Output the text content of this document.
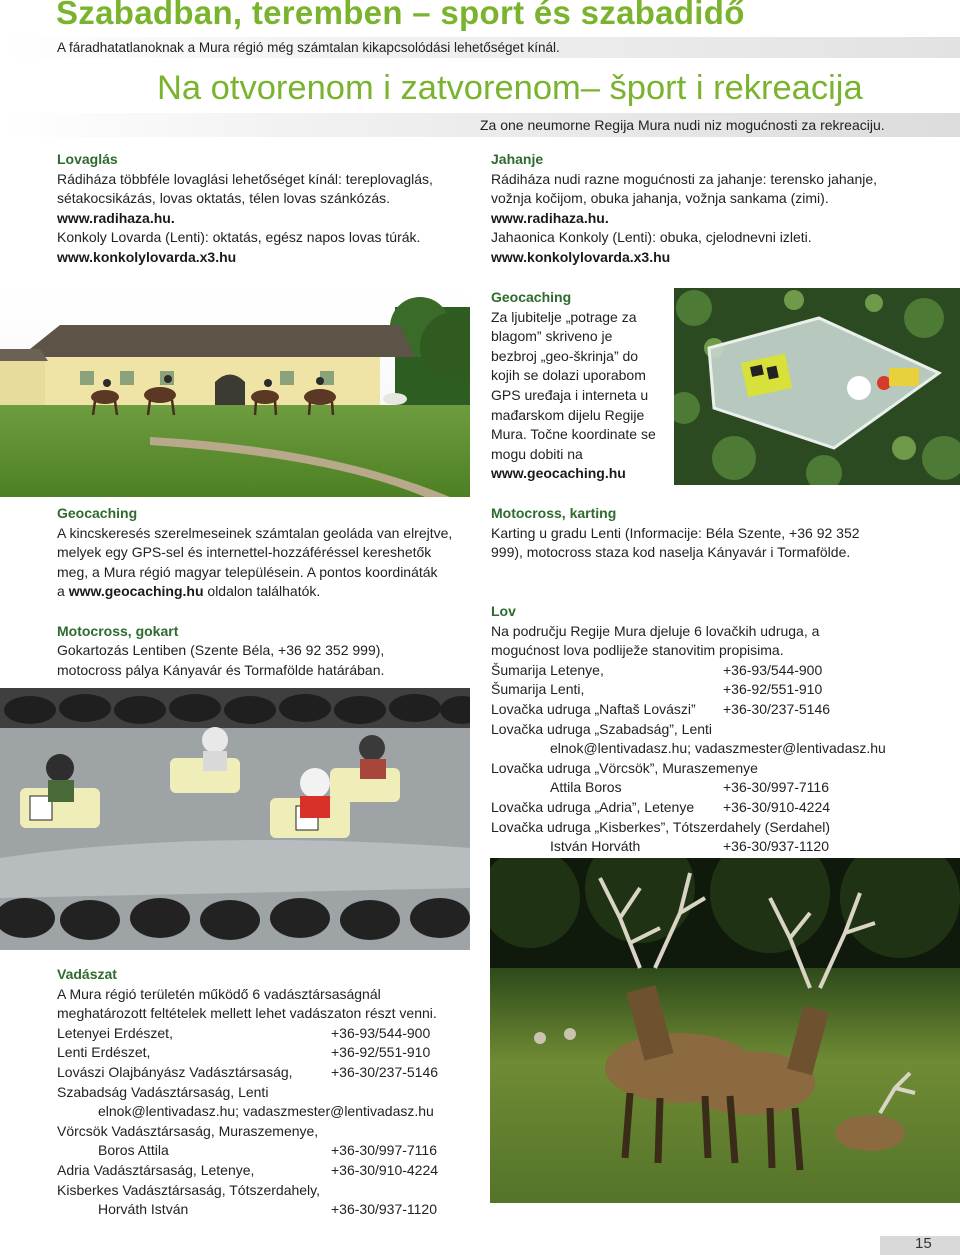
Szabadban, teremben – sport és szabadidő
A fáradhatatlanoknak a Mura régió még számtalan kikapcsolódási lehetőséget kínál.
Na otvorenom i zatvorenom– šport i rekreacija
Za one neumorne Regija Mura nudi niz mogućnosti za rekreaciju.

Lovaglás

Rádiháza többféle lovaglási lehetőséget kínál: tereplovaglás,

sétakocsikázás, lovas oktatás, télen lovas szánkózás.

www.radihaza.hu.

Konkoly Lovarda (Lenti): oktatás, egész napos lovas túrák.

www.konkolylovarda.x3.hu

Jahanje

Rádiháza nudi razne mogućnosti za jahanje: terensko jahanje,

vožnja kočijom, obuka jahanja, vožnja sankama (zimi).

www.radihaza.hu.

Jahaonica Konkoly (Lenti): obuka, cjelodnevni izleti.

www.konkolylovarda.x3.hu

Geocaching

Za ljubitelje „potrage za

blagom” skriveno je

bezbroj „geo-škrinja” do

kojih se dolazi uporabom

GPS uređaja i interneta u

mađarskom dijelu Regije

Mura. Točne koordinate se

mogu dobiti na

www.geocaching.hu

Geocaching

A kincskeresés szerelmeseinek számtalan geoláda van elrejtve,

melyek egy GPS-sel és internettel-hozzáféréssel kereshetők

meg, a Mura régió magyar településein. A pontos koordináták

a www.geocaching.hu oldalon találhatók.

Motocross, gokart

Gokartozás Lentiben (Szente Béla, +36 92 352 999),

motocross pálya Kányavár és Tormafölde határában.

Motocross, karting

Karting u gradu Lenti (Informacije: Béla Szente, +36 92 352

999), motocross staza kod naselja Kányavár i Tormafölde.

Lov

Na području Regije Mura djeluje 6 lovačkih udruga, a

mogućnost lova podliježe stanovitim propisima.

Šumarija Letenye,	+36-93/544-900

Šumarija Lenti,	+36-92/551-910

Lovačka udruga „Naftaš Lovászi” +36-30/237-5146

Lovačka udruga „Szabadság”, Lenti

elnok@lentivadasz.hu; vadaszmester@lentivadasz.hu

Lovačka udruga „Vörcsök”, Muraszemenye

Attila Boros	+36-30/997-7116

Lovačka udruga „Adria”, Letenye +36-30/910-4224

Lovačka udruga „Kisberkes”, Tótszerdahely (Serdahel)

István Horváth	+36-30/937-1120

Vadászat

A Mura régió területén működő 6 vadásztársaságnál

meghatározott feltételek mellett lehet vadászaton részt venni.

Letenyei Erdészet,	+36-93/544-900

Lenti Erdészet,	+36-92/551-910

Lovászi Olajbányász Vadásztársaság,	+36-30/237-5146

Szabadság Vadásztársaság, Lenti

elnok@lentivadasz.hu; vadaszmester@lentivadasz.hu

Vörcsök Vadásztársaság, Muraszemenye,

Boros Attila	+36-30/997-7116

Adria Vadásztársaság, Letenye,	+36-30/910-4224

Kisberkes Vadásztársaság, Tótszerdahely,

Horváth István	+36-30/937-1120

15
